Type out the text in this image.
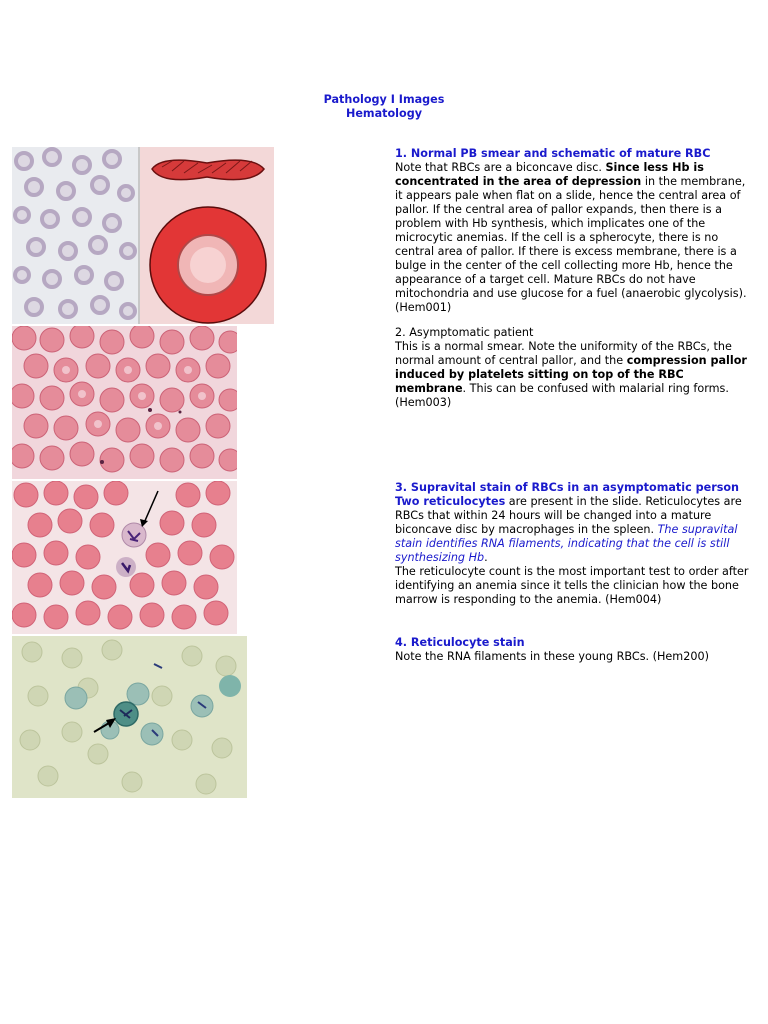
Pathology I Images
Hematology
1. Normal PB smear and schematic of mature RBC
Note that RBCs are a biconcave disc. Since less Hb is concentrated in the area of depression in the membrane, it appears pale when flat on a slide, hence the central area of pallor. If the central area of pallor expands, then there is a problem with Hb synthesis, which implicates one of the microcytic anemias. If the cell is a spherocyte, there is no central area of pallor. If there is excess membrane, there is a bulge in the center of the cell collecting more Hb, hence the appearance of a target cell. Mature RBCs do not have mitochondria and use glucose for a fuel (anaerobic glycolysis). (Hem001)
2. Asymptomatic patient
This is a normal smear. Note the uniformity of the RBCs, the normal amount of central pallor, and the compression pallor induced by platelets sitting on top of the RBC membrane. This can be confused with malarial ring forms. (Hem003)
3. Supravital stain of RBCs in an asymptomatic person
Two reticulocytes are present in the slide. Reticulocytes are RBCs that within 24 hours will be changed into a mature biconcave disc by macrophages in the spleen. The supravital stain identifies RNA filaments, indicating that the cell is still synthesizing Hb.
The reticulocyte count is the most important test to order after identifying an anemia since it tells the clinician how the bone marrow is responding to the anemia. (Hem004)
4. Reticulocyte stain
Note the RNA filaments in these young RBCs. (Hem200)
